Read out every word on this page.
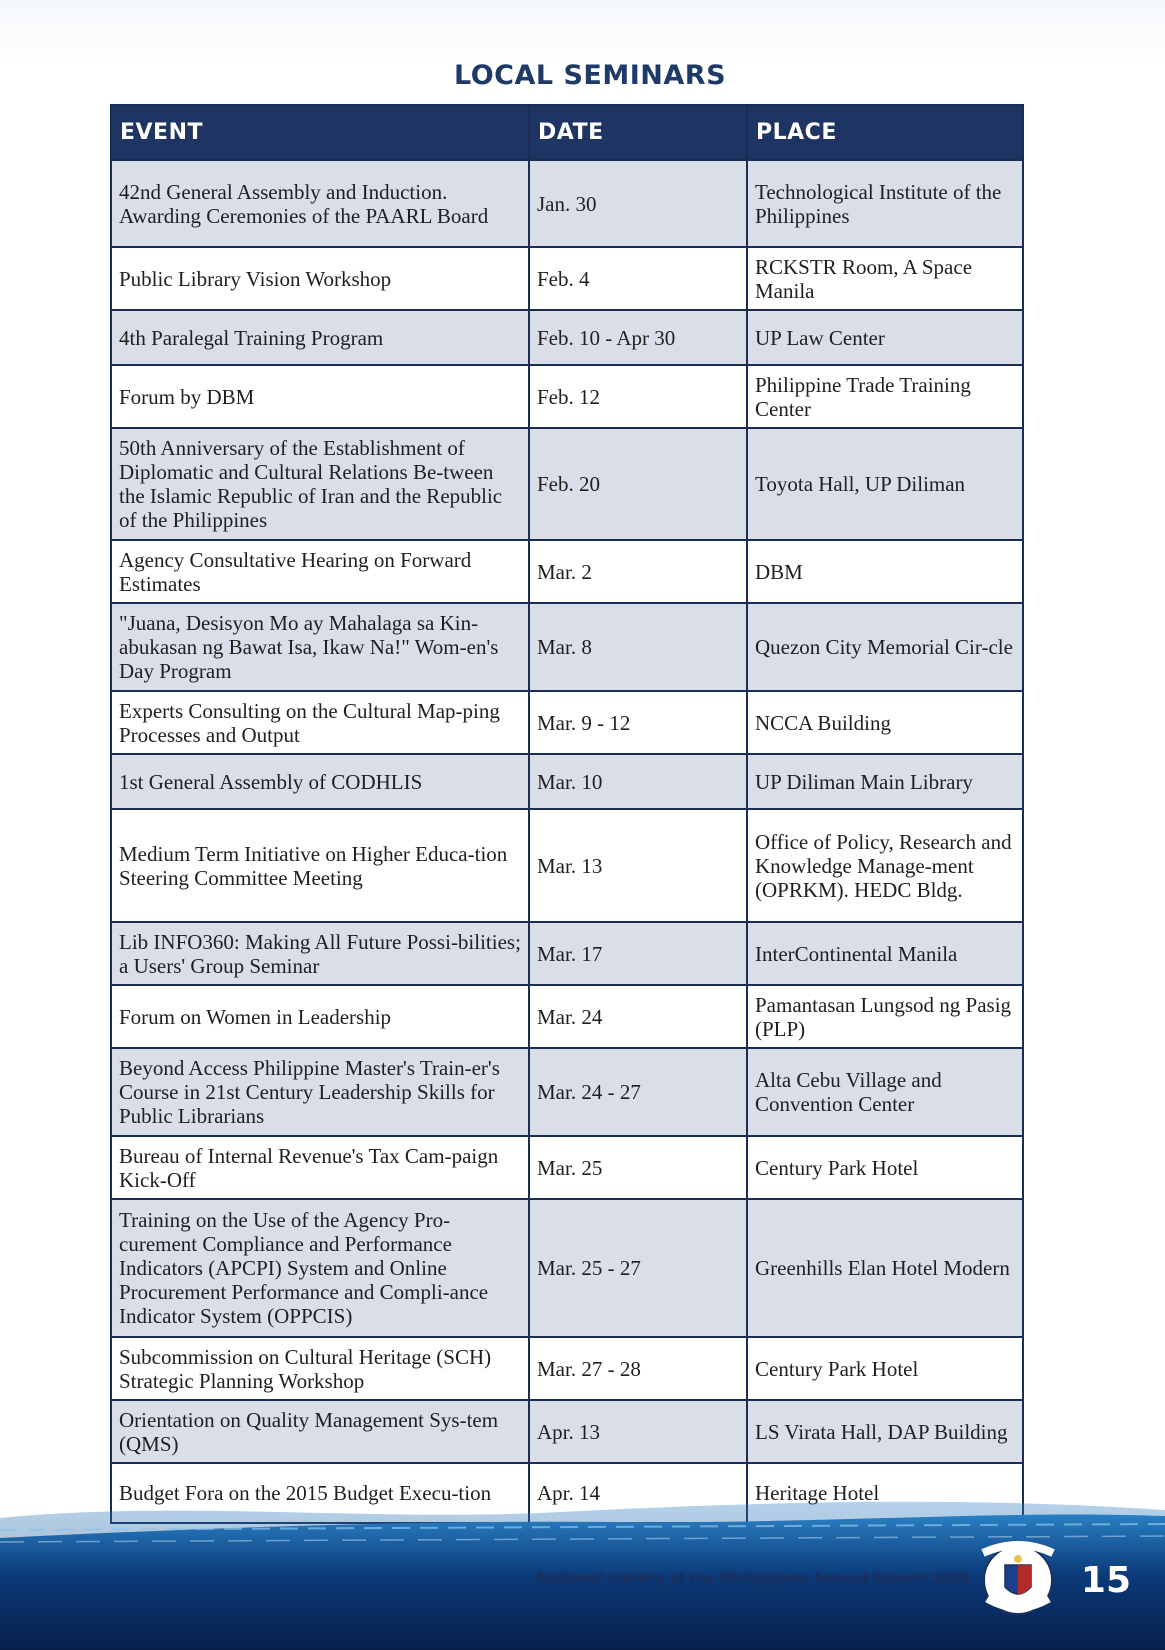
LOCAL SEMINARS
EVENT	DATE	PLACE
42nd General Assembly and Induction. Awarding Ceremonies of the PAARL Board	Jan. 30	Technological Institute of the Philippines
Public Library Vision Workshop	Feb. 4	RCKSTR Room, A Space Manila
4th Paralegal Training Program	Feb. 10 - Apr 30	UP Law Center
Forum by DBM	Feb. 12	Philippine Trade Training Center
50th Anniversary of the Establishment of Diplomatic and Cultural Relations Be-tween the Islamic Republic of Iran and the Republic of the Philippines	Feb. 20	Toyota Hall, UP Diliman
Agency Consultative Hearing on Forward Estimates	Mar. 2	DBM
"Juana, Desisyon Mo ay Mahalaga sa Kin-abukasan ng Bawat Isa, Ikaw Na!" Wom-en's Day Program	Mar. 8	Quezon City Memorial Cir-cle
Experts Consulting on the Cultural Map-ping Processes and Output	Mar. 9 - 12	NCCA Building
1st General Assembly of CODHLIS	Mar. 10	UP Diliman Main Library
Medium Term Initiative on Higher Educa-tion Steering Committee Meeting	Mar. 13	Office of Policy, Research and Knowledge Manage-ment (OPRKM). HEDC Bldg.
Lib INFO360: Making All Future Possi-bilities; a Users' Group Seminar	Mar. 17	InterContinental Manila
Forum on Women in Leadership	Mar. 24	Pamantasan Lungsod ng Pasig (PLP)
Beyond Access Philippine Master's Train-er's Course in 21st Century Leadership Skills for Public Librarians	Mar. 24 - 27	Alta Cebu Village and Convention Center
Bureau of Internal Revenue's Tax Cam-paign Kick-Off	Mar. 25	Century Park Hotel
Training on the Use of the Agency Pro-curement Compliance and Performance Indicators (APCPI) System and Online Procurement Performance and Compli-ance Indicator System (OPPCIS)	Mar. 25 - 27	Greenhills Elan Hotel Modern
Subcommission on Cultural Heritage (SCH) Strategic Planning Workshop	Mar. 27 - 28	Century Park Hotel
Orientation on Quality Management Sys-tem (QMS)	Apr. 13	LS Virata Hall, DAP Building
Budget Fora on the 2015 Budget Execu-tion	Apr. 14	Heritage Hotel
National Library of the Philippines Annual Report 2015	15
